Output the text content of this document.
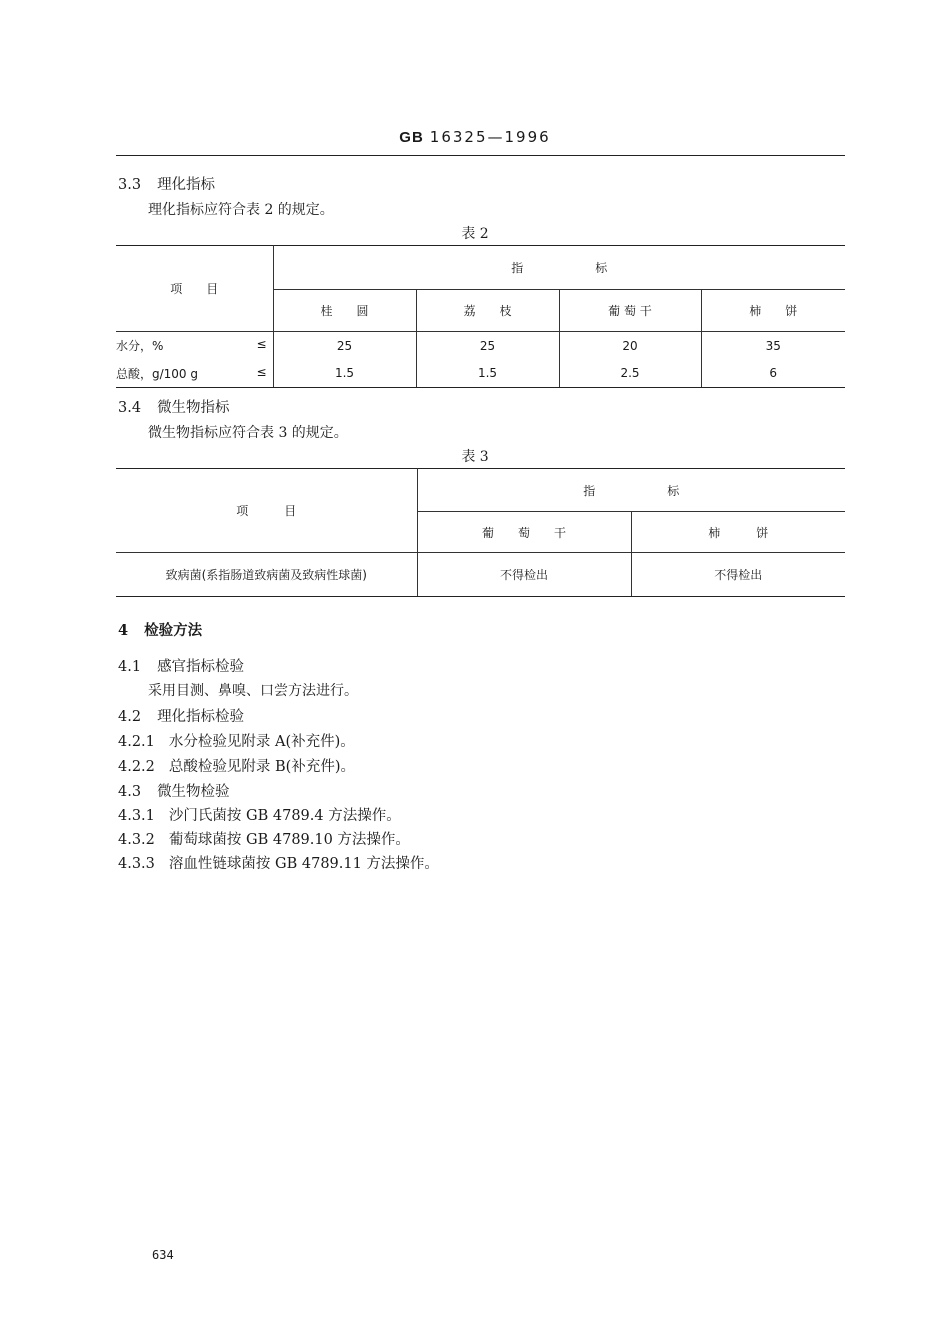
GB 16325—1996
3.3 理化指标
理化指标应符合表 2 的规定。
表 2
项　　目	指　　　　　　标			
	桂　　圆	荔　　枝	葡 萄 干	柿　　饼

水分，% ≤	25	25	20	35

总酸，g/100 g ≤	1.5	1.5	2.5	6
3.4 微生物指标
微生物指标应符合表 3 的规定。
表 3
项　　　目	指　　　　　　标	
	葡　　萄　　干	柿　　　饼
致病菌(系指肠道致病菌及致病性球菌)	不得检出	不得检出
4 检验方法
4.1 感官指标检验
采用目测、鼻嗅、口尝方法进行。
4.2 理化指标检验
4.2.1 水分检验见附录 A(补充件)。
4.2.2 总酸检验见附录 B(补充件)。
4.3 微生物检验
4.3.1 沙门氏菌按 GB 4789.4 方法操作。
4.3.2 葡萄球菌按 GB 4789.10 方法操作。
4.3.3 溶血性链球菌按 GB 4789.11 方法操作。
634
